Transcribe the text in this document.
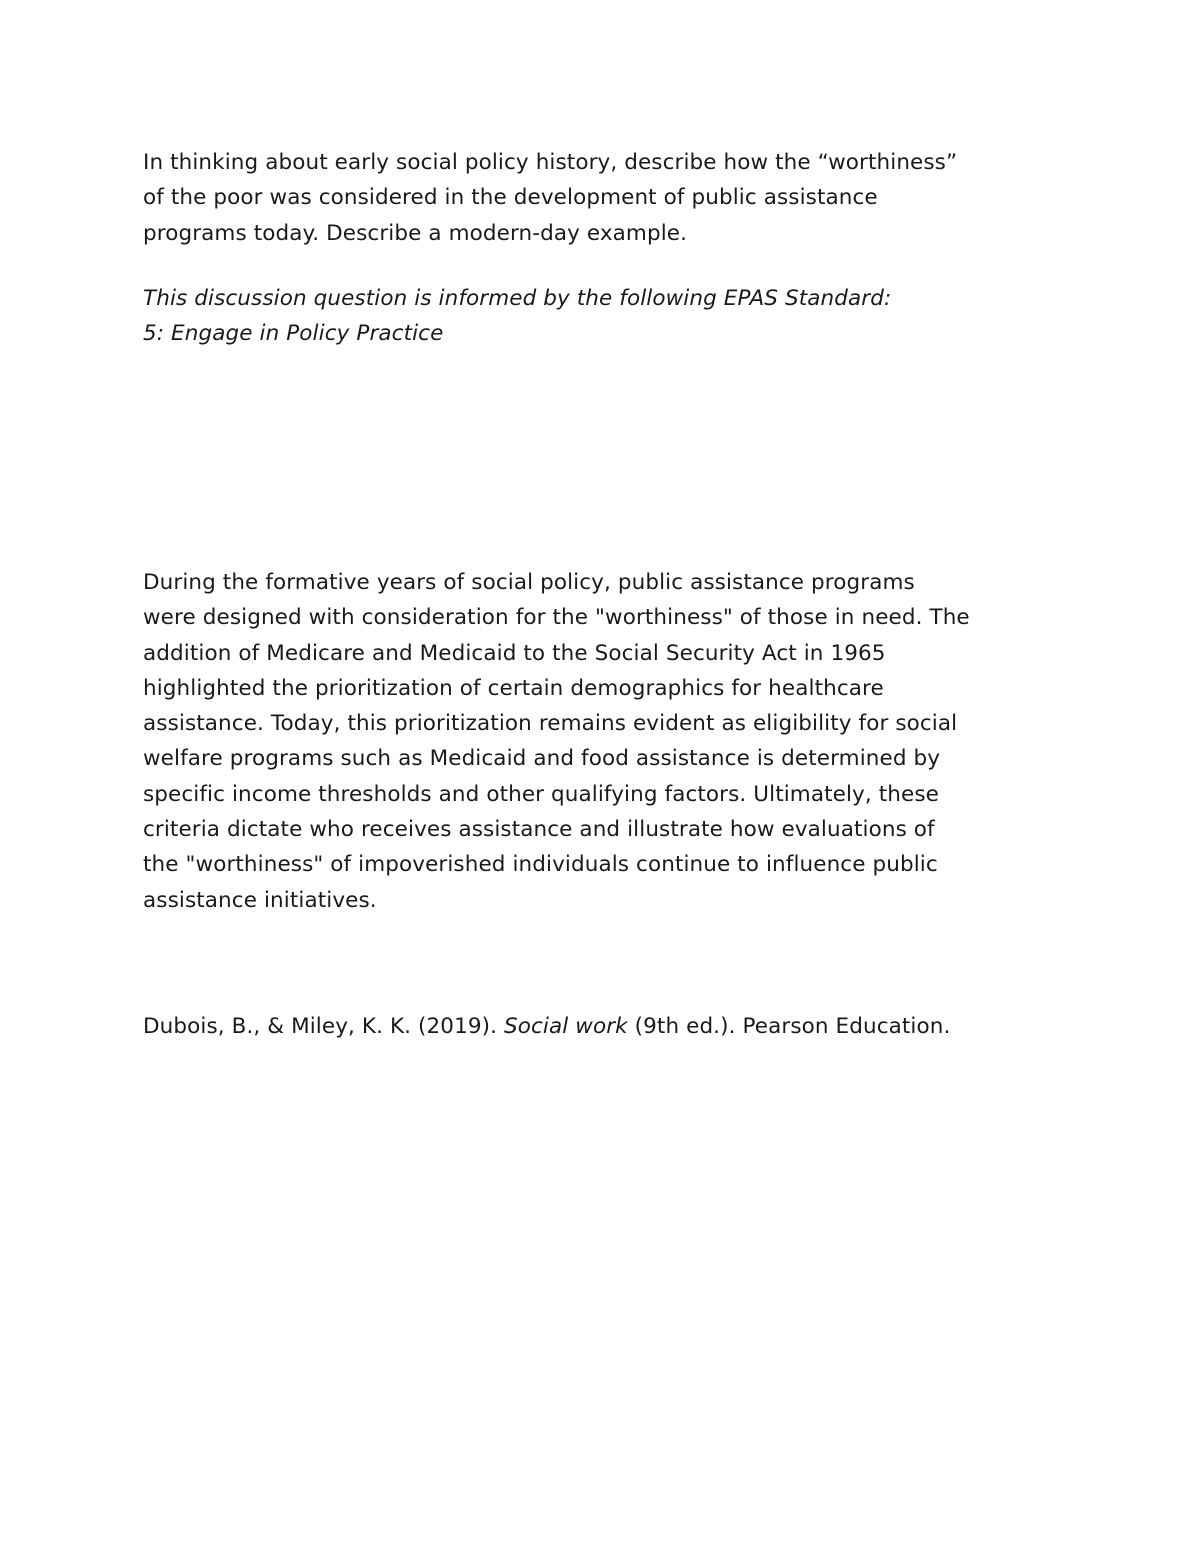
In thinking about early social policy history, describe how the “worthiness”
of the poor was considered in the development of public assistance
programs today. Describe a modern-day example.
This discussion question is informed by the following EPAS Standard:
5: Engage in Policy Practice
During the formative years of social policy, public assistance programs
were designed with consideration for the "worthiness" of those in need. The
addition of Medicare and Medicaid to the Social Security Act in 1965
highlighted the prioritization of certain demographics for healthcare
assistance. Today, this prioritization remains evident as eligibility for social
welfare programs such as Medicaid and food assistance is determined by
specific income thresholds and other qualifying factors. Ultimately, these
criteria dictate who receives assistance and illustrate how evaluations of
the "worthiness" of impoverished individuals continue to influence public
assistance initiatives.
Dubois, B., & Miley, K. K. (2019). Social work (9th ed.). Pearson Education.
